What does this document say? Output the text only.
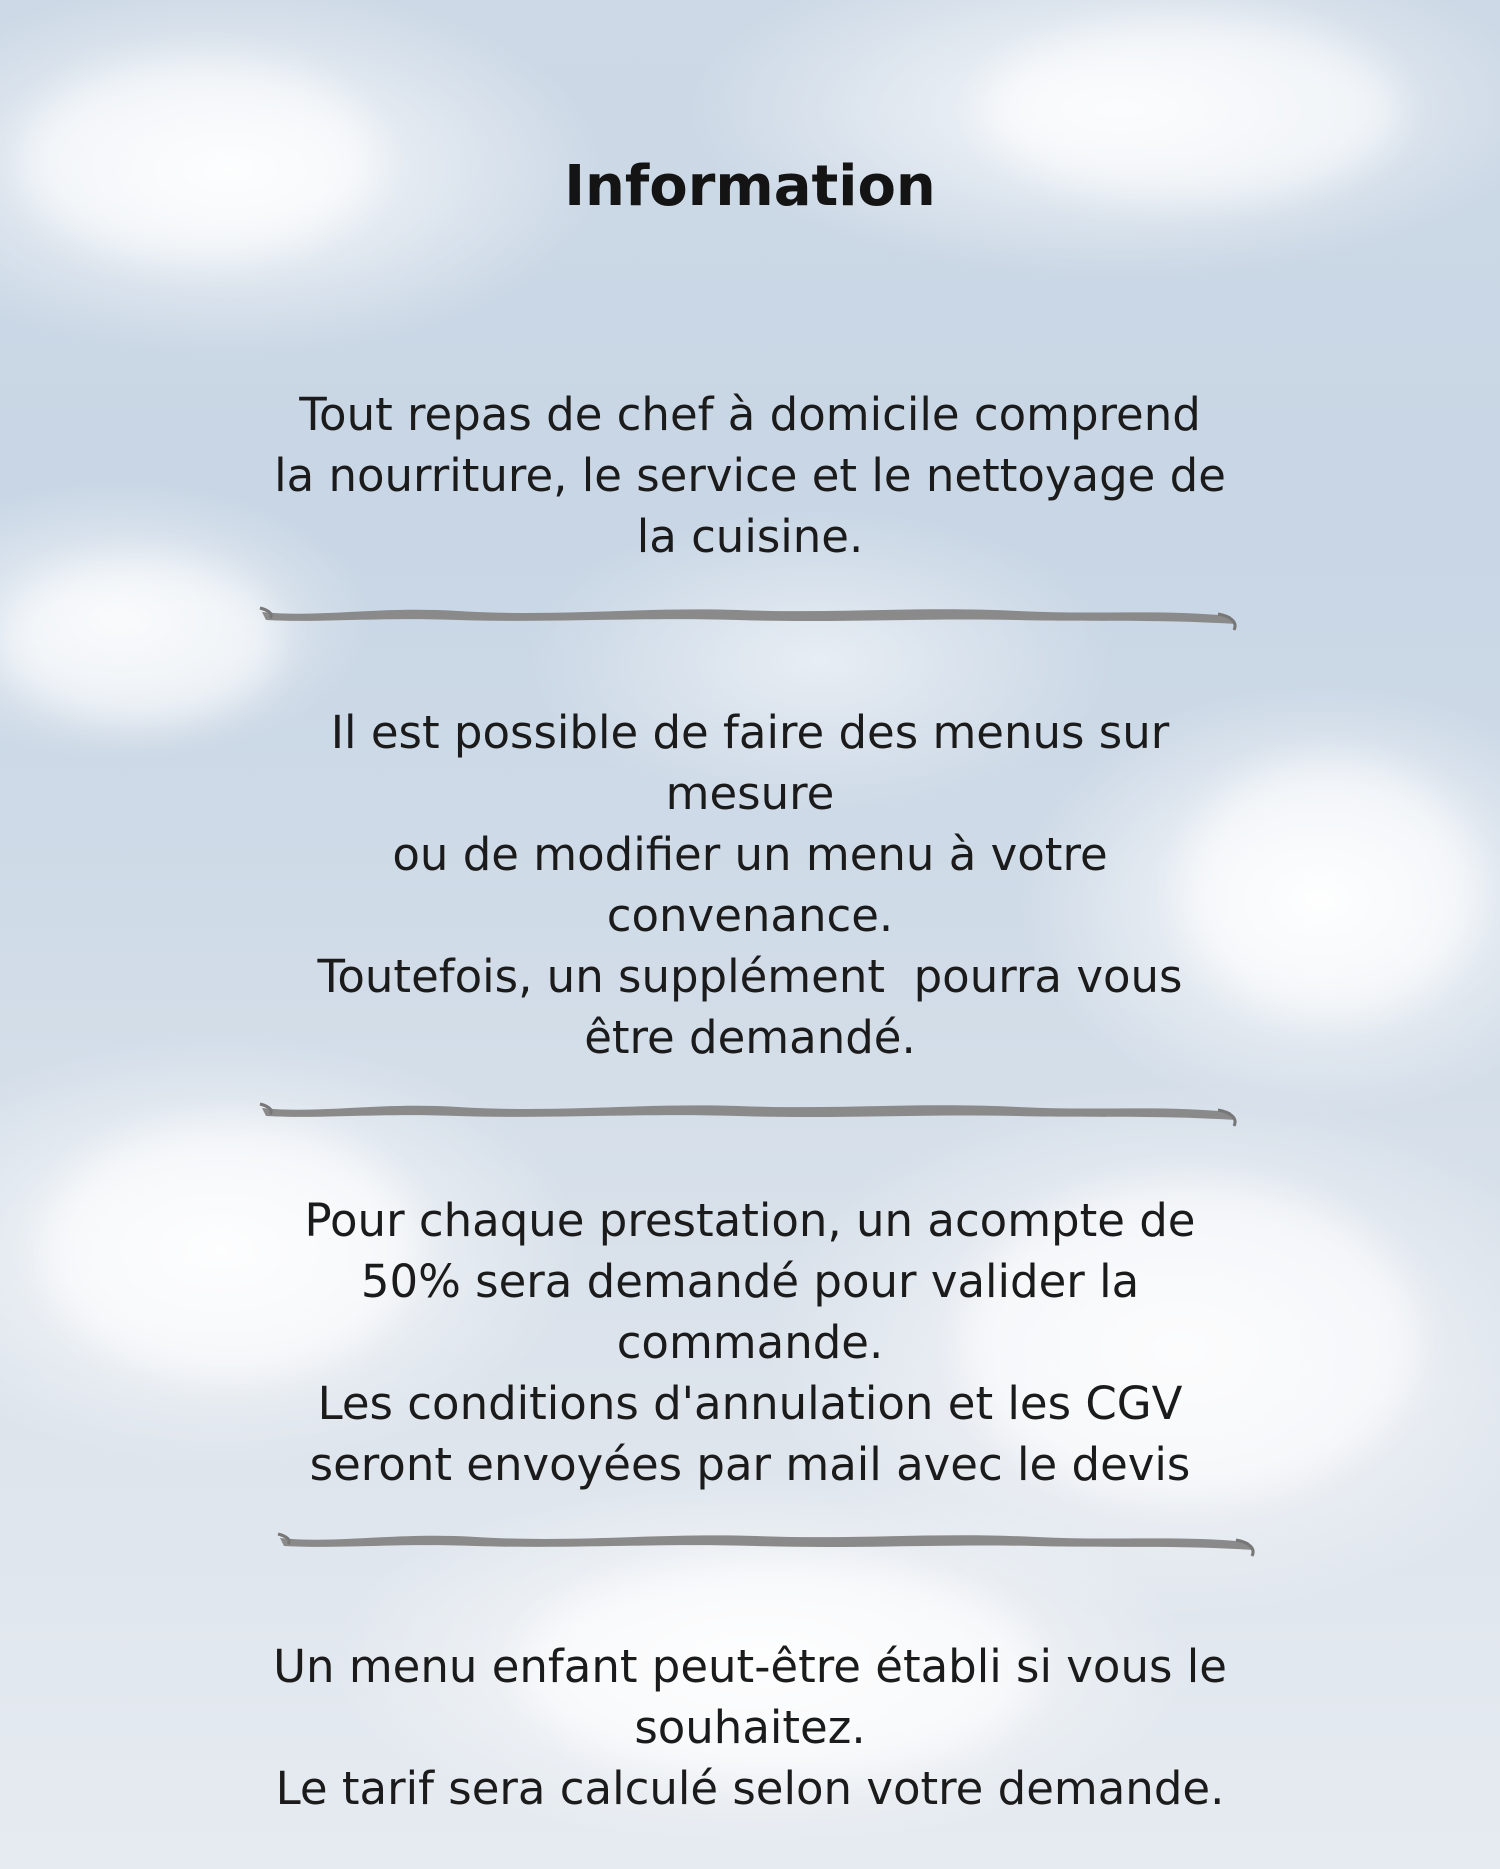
Information
Tout repas de chef à domicile comprend
la nourriture, le service et le nettoyage de
la cuisine.
Il est possible de faire des menus sur
mesure
ou de modifier un menu à votre
convenance.
Toutefois, un supplément  pourra vous
être demandé.
Pour chaque prestation, un acompte de
50% sera demandé pour valider la
commande.
Les conditions d'annulation et les CGV
seront envoyées par mail avec le devis
Un menu enfant peut-être établi si vous le
souhaitez.
Le tarif sera calculé selon votre demande.
